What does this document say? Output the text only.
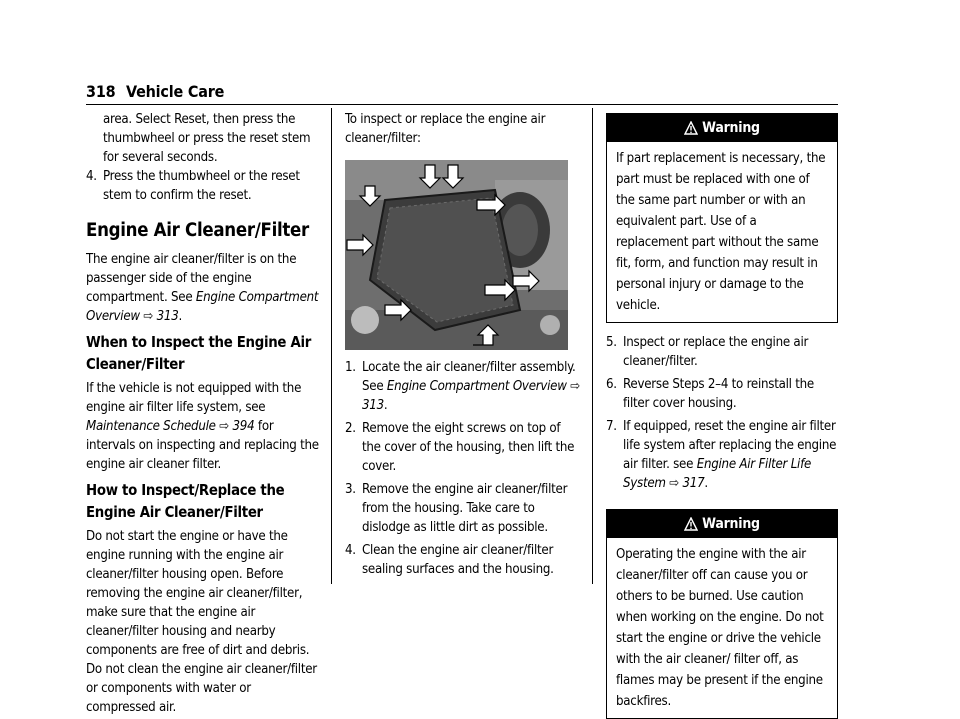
318 Vehicle Care

area. Select Reset, then press the thumbwheel or press the reset stem for several seconds.

4. Press the thumbwheel or the reset stem to confirm the reset.
Engine Air Cleaner/Filter

The engine air cleaner/filter is on the passenger side of the engine compartment. See Engine Compartment Overview ⇨ 313.

When to Inspect the Engine Air Cleaner/Filter

If the vehicle is not equipped with the engine air filter life system, see Maintenance Schedule ⇨ 394 for intervals on inspecting and replacing the engine air cleaner filter.

How to Inspect/Replace the Engine Air Cleaner/Filter

Do not start the engine or have the engine running with the engine air cleaner/filter housing open. Before removing the engine air cleaner/filter, make sure that the engine air cleaner/filter housing and nearby components are free of dirt and debris. Do not clean the engine air cleaner/filter or components with water or compressed air.

To inspect or replace the engine air cleaner/filter:

1. Locate the air cleaner/filter assembly. See Engine Compartment Overview ⇨ 313.
2. Remove the eight screws on top of the cover of the housing, then lift the cover.
3. Remove the engine air cleaner/filter from the housing. Take care to dislodge as little dirt as possible.
4. Clean the engine air cleaner/filter sealing surfaces and the housing.
Warning
If part replacement is necessary, the part must be replaced with one of the same part number or with an equivalent part. Use of a replacement part without the same fit, form, and function may result in personal injury or damage to the vehicle.
5. Inspect or replace the engine air cleaner/filter.
6. Reverse Steps 2–4 to reinstall the filter cover housing.
7. If equipped, reset the engine air filter life system after replacing the engine air filter. see Engine Air Filter Life System ⇨ 317.
Warning
Operating the engine with the air cleaner/filter off can cause you or others to be burned. Use caution when working on the engine. Do not start the engine or drive the vehicle with the air cleaner/ filter off, as flames may be present if the engine backfires.
